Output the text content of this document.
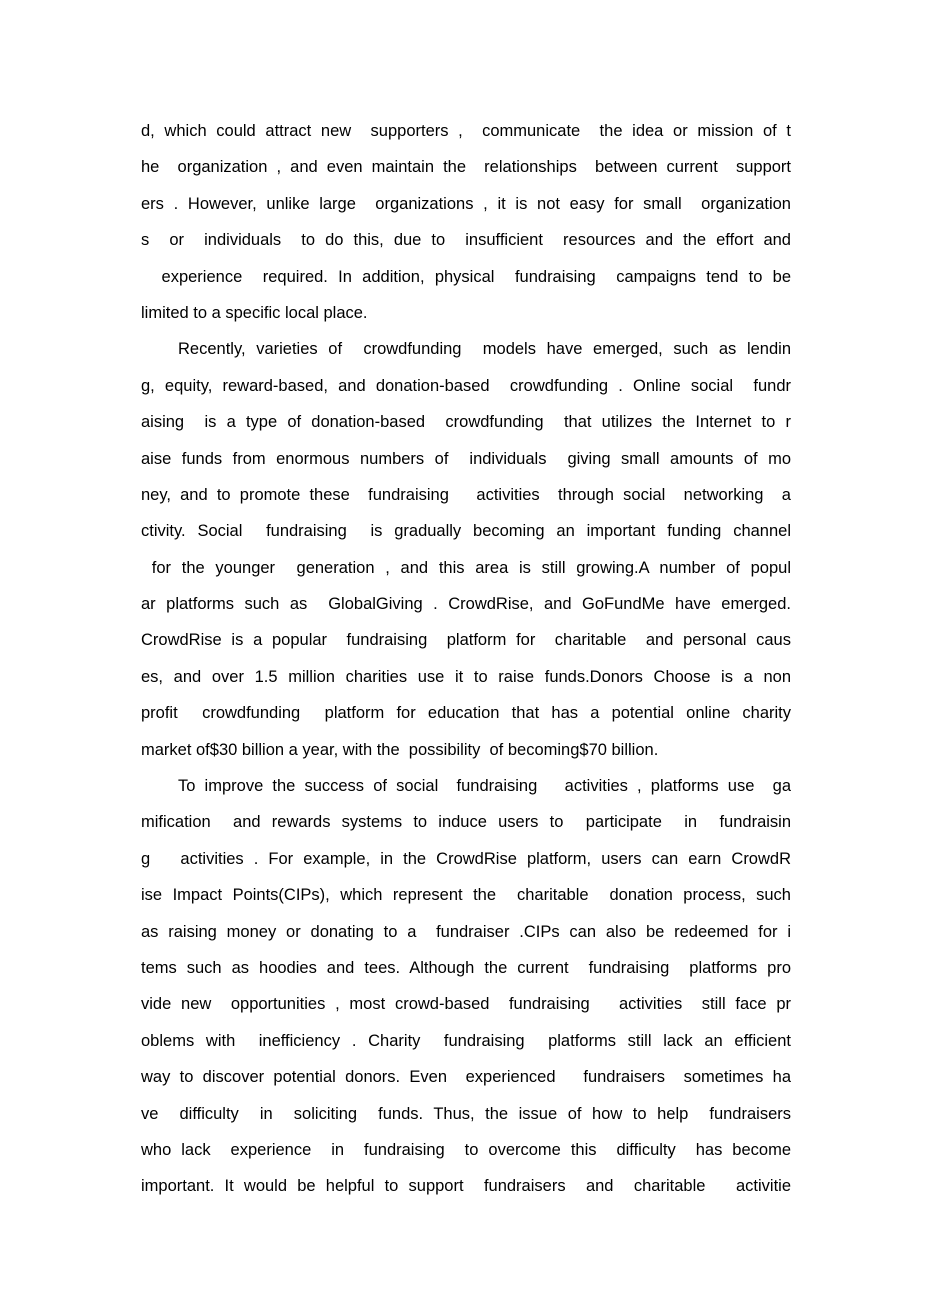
d, which could attract new  supporters ,  communicate  the idea or mission of t
he  organization , and even maintain the  relationships  between current  support
ers . However, unlike large  organizations , it is not easy for small  organization
s  or  individuals  to do this, due to  insufficient  resources and the effort and
experience  required. In addition, physical  fundraising  campaigns tend to be
limited to a specific local place.
Recently, varieties of  crowdfunding  models have emerged, such as lendin
g, equity, reward-based, and donation-based  crowdfunding . Online social  fundr
aising  is a type of donation-based  crowdfunding  that utilizes the Internet to r
aise funds from enormous numbers of  individuals  giving small amounts of mo
ney, and to promote these  fundraising   activities  through social  networking  a
ctivity. Social  fundraising  is gradually becoming an important funding channel
for the younger  generation , and this area is still growing.A number of popul
ar platforms such as  GlobalGiving . CrowdRise, and GoFundMe have emerged.
CrowdRise is a popular  fundraising  platform for  charitable  and personal caus
es, and over 1.5 million charities use it to raise funds.Donors Choose is a non
profit  crowdfunding  platform for education that has a potential online charity
market of$30 billion a year, with the  possibility  of becoming$70 billion.
To improve the success of social  fundraising   activities , platforms use  ga
mification  and rewards systems to induce users to  participate  in  fundraisin
g   activities . For example, in the CrowdRise platform, users can earn CrowdR
ise Impact Points(CIPs), which represent the  charitable  donation process, such
as raising money or donating to a  fundraiser .CIPs can also be redeemed for i
tems such as hoodies and tees. Although the current  fundraising  platforms pro
vide new  opportunities , most crowd-based  fundraising   activities  still face pr
oblems with  inefficiency . Charity  fundraising  platforms still lack an efficient
way to discover potential donors. Even  experienced   fundraisers  sometimes ha
ve  difficulty  in  soliciting  funds. Thus, the issue of how to help  fundraisers
who lack  experience  in  fundraising  to overcome this  difficulty  has become
important. It would be helpful to support  fundraisers  and  charitable   activitie
